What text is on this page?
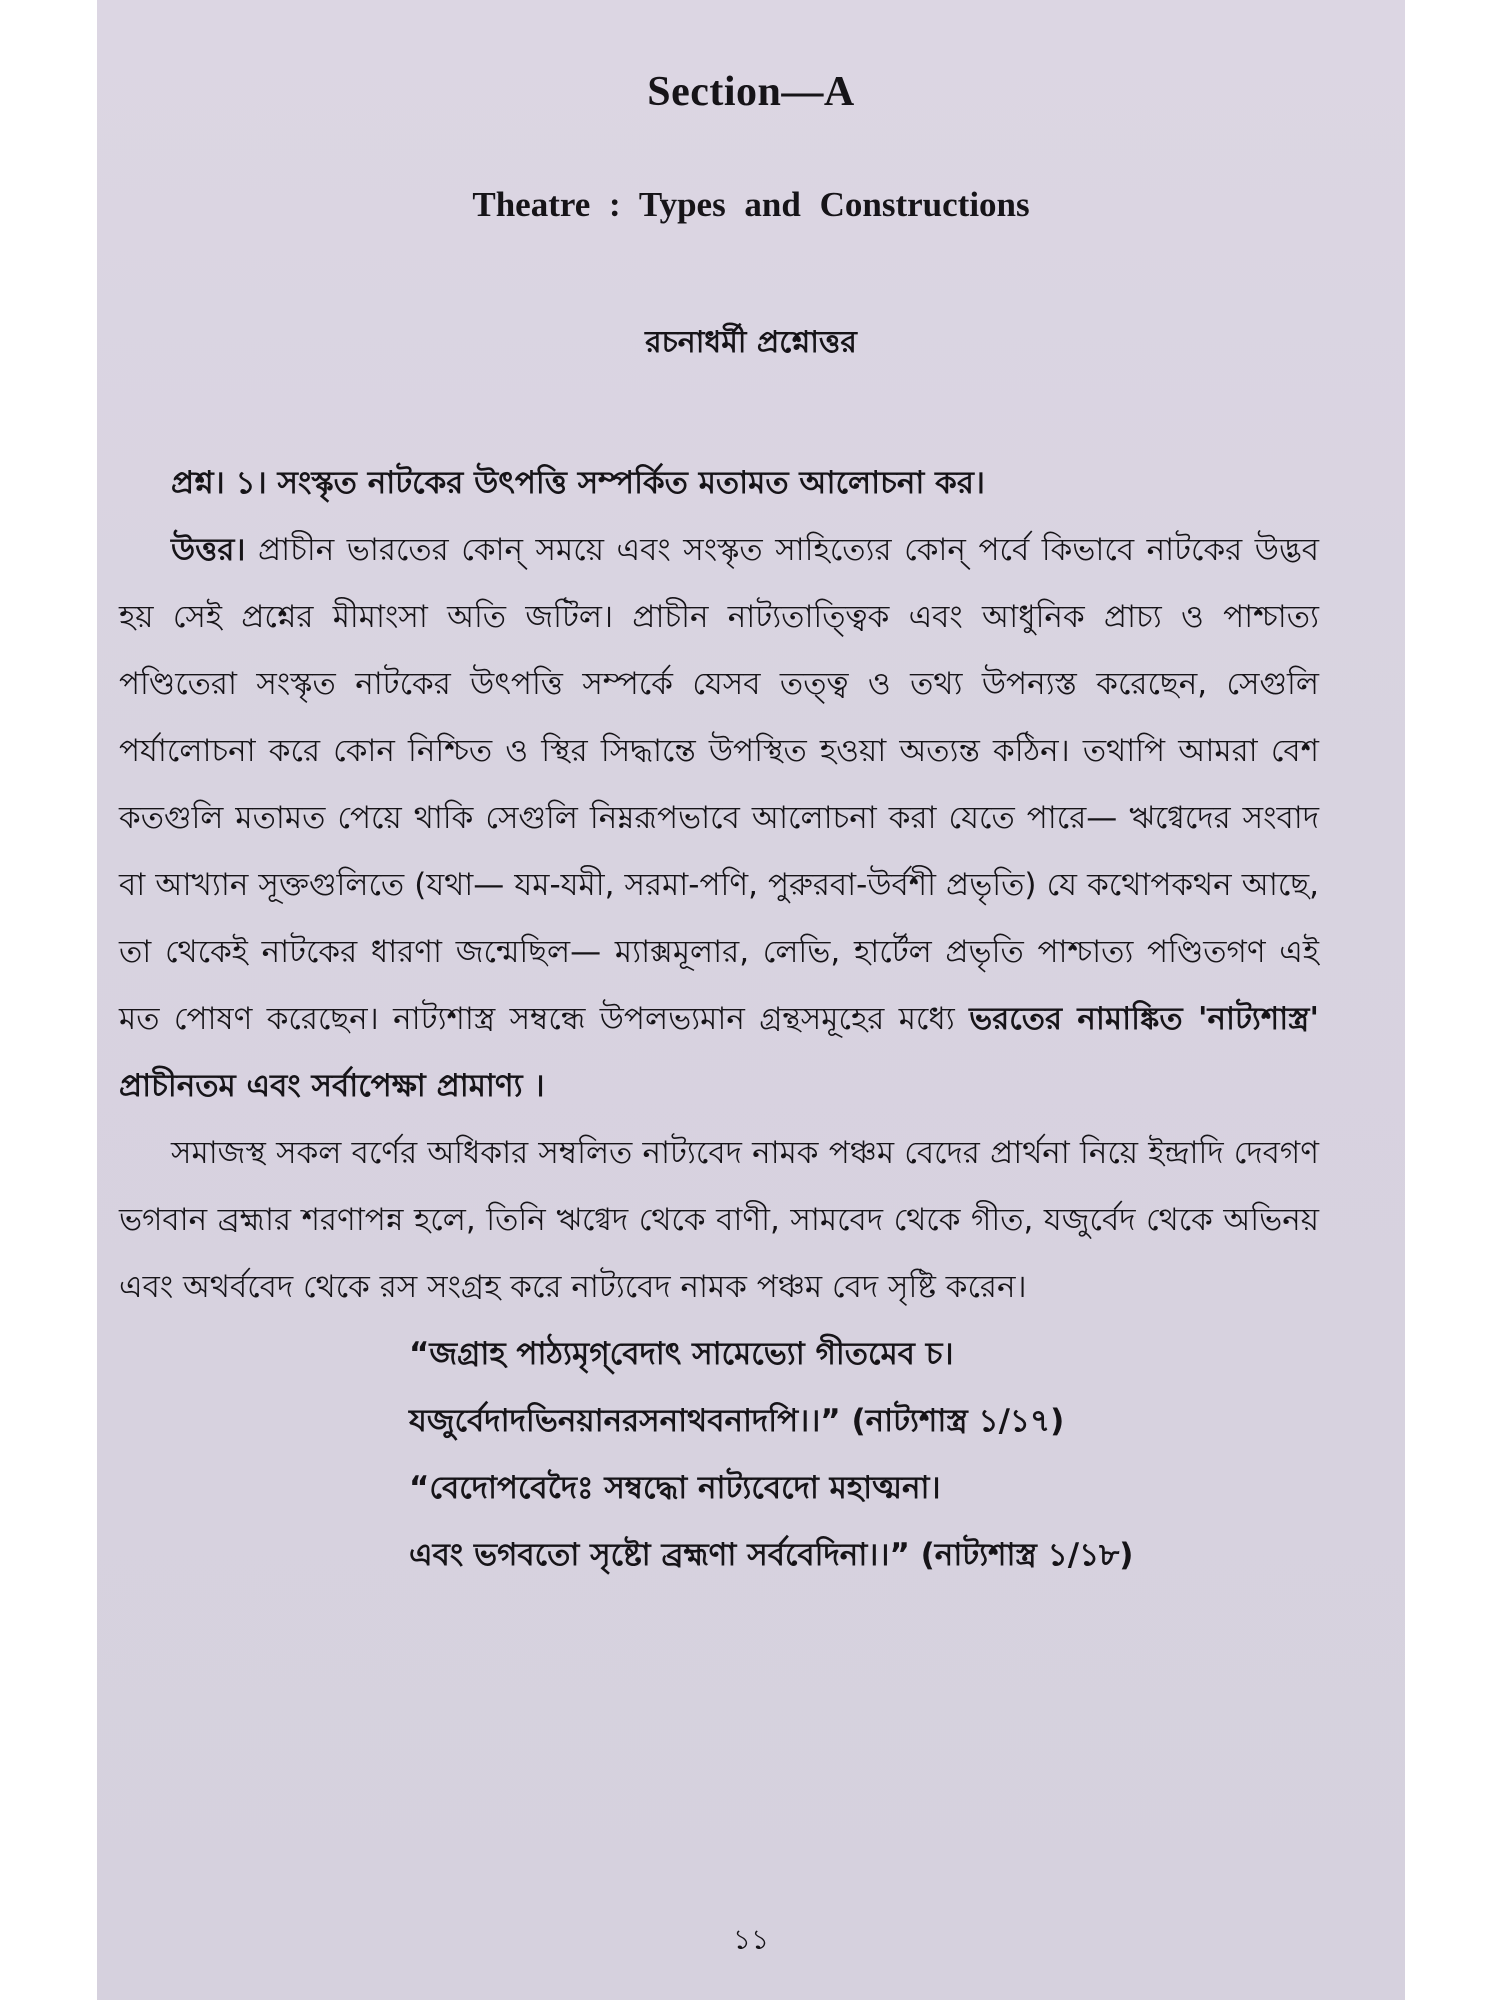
Section—A
Theatre : Types and Constructions
রচনাধর্মী প্রশ্নোত্তর

প্রশ্ন। ১। সংস্কৃত নাটকের উৎপত্তি সম্পর্কিত মতামত আলোচনা কর।

উত্তর। প্রাচীন ভারতের কোন্ সময়ে এবং সংস্কৃত সাহিত্যের কোন্ পর্বে কিভাবে নাটকের উদ্ভব হয় সেই প্রশ্নের মীমাংসা অতি জটিল। প্রাচীন নাট্যতাত্ত্বিক এবং আধুনিক প্রাচ্য ও পাশ্চাত্য পণ্ডিতেরা সংস্কৃত নাটকের উৎপত্তি সম্পর্কে যেসব তত্ত্ব ও তথ্য উপন্যস্ত করেছেন, সেগুলি পর্যালোচনা করে কোন নিশ্চিত ও স্থির সিদ্ধান্তে উপস্থিত হওয়া অত্যন্ত কঠিন। তথাপি আমরা বেশ কতগুলি মতামত পেয়ে থাকি সেগুলি নিম্নরূপভাবে আলোচনা করা যেতে পারে— ঋগ্বেদের সংবাদ বা আখ্যান সূক্তগুলিতে (যথা— যম-যমী, সরমা-পণি, পুরুরবা-উর্বশী প্রভৃতি) যে কথোপকথন আছে, তা থেকেই নাটকের ধারণা জন্মেছিল— ম্যাক্সমূলার, লেভি, হার্টেল প্রভৃতি পাশ্চাত্য পণ্ডিতগণ এই মত পোষণ করেছেন। নাট্যশাস্ত্র সম্বন্ধে উপলভ্যমান গ্রন্থসমূহের মধ্যে ভরতের নামাঙ্কিত 'নাট্যশাস্ত্র' প্রাচীনতম এবং সর্বাপেক্ষা প্রামাণ্য ।

সমাজস্থ সকল বর্ণের অধিকার সম্বলিত নাট্যবেদ নামক পঞ্চম বেদের প্রার্থনা নিয়ে ইন্দ্রাদি দেবগণ ভগবান ব্রহ্মার শরণাপন্ন হলে, তিনি ঋগ্বেদ থেকে বাণী, সামবেদ থেকে গীত, যজুর্বেদ থেকে অভিনয় এবং অথর্ববেদ থেকে রস সংগ্রহ করে নাট্যবেদ নামক পঞ্চম বেদ সৃষ্টি করেন।

“জগ্রাহ পাঠ্যমৃগ্‌বেদাৎ সামেভ্যো গীতমেব চ।

যজুর্বেদাদভিনয়ানরসনাথবনাদপি।।” (নাট্যশাস্ত্র ১/১৭)

“বেদোপবেদৈঃ সম্বদ্ধো নাট্যবেদো মহাত্মনা।

এবং ভগবতো সৃষ্টো ব্রহ্মণা সর্ববেদিনা।।” (নাট্যশাস্ত্র ১/১৮)

১১
